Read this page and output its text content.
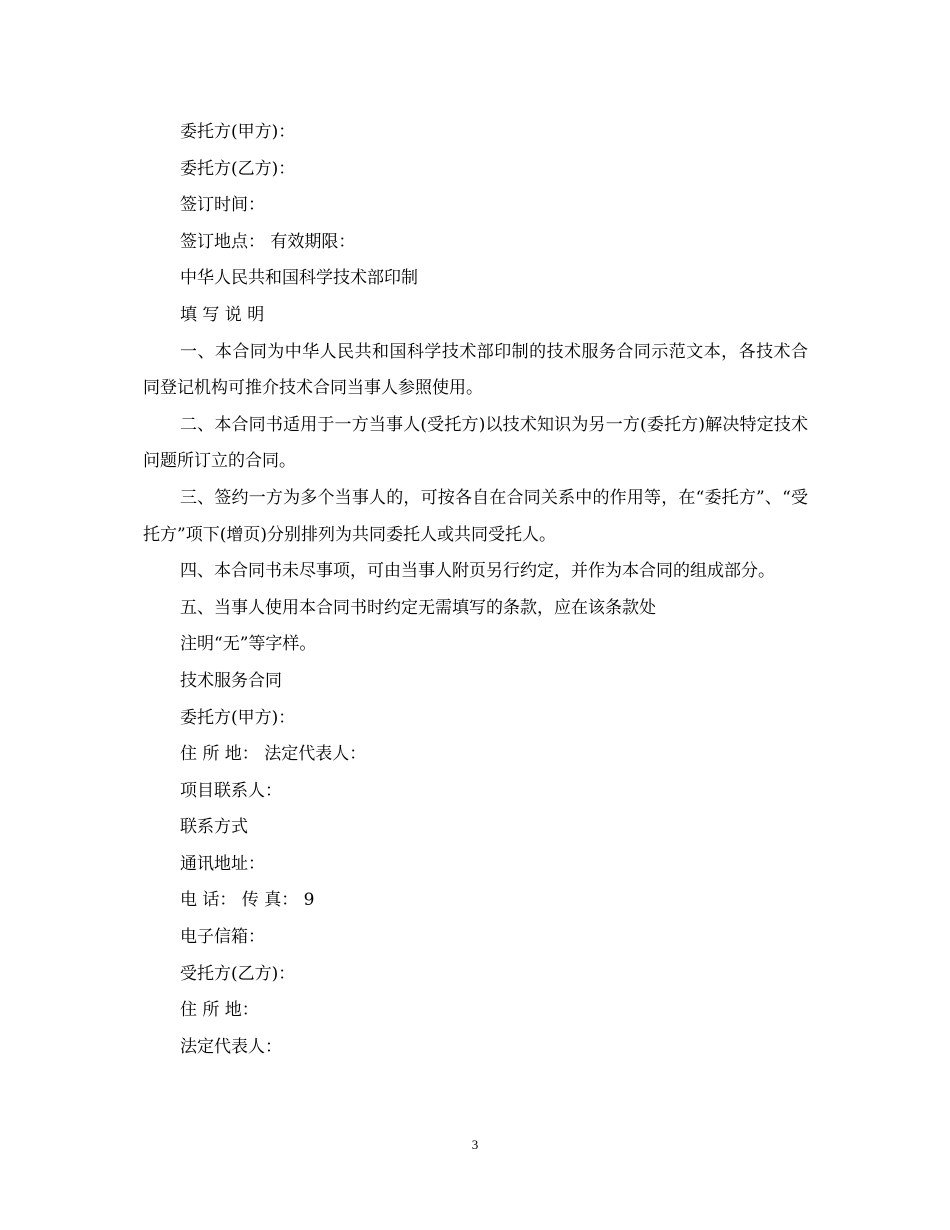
委托方(甲方)：
委托方(乙方)：
签订时间：
签订地点： 有效期限：
中华人民共和国科学技术部印制
填 写 说 明
一、本合同为中华人民共和国科学技术部印制的技术服务合同示范文本，各技术合同登记机构可推介技术合同当事人参照使用。
二、本合同书适用于一方当事人(受托方)以技术知识为另一方(委托方)解决特定技术问题所订立的合同。
三、签约一方为多个当事人的，可按各自在合同关系中的作用等，在“委托方”、“受托方”项下(增页)分别排列为共同委托人或共同受托人。
四、本合同书未尽事项，可由当事人附页另行约定，并作为本合同的组成部分。
五、当事人使用本合同书时约定无需填写的条款，应在该条款处
注明“无”等字样。
技术服务合同
委托方(甲方)：
住 所 地： 法定代表人：
项目联系人：
联系方式
通讯地址：
电 话： 传 真： 9
电子信箱：
受托方(乙方)：
住 所 地：
法定代表人：
3
